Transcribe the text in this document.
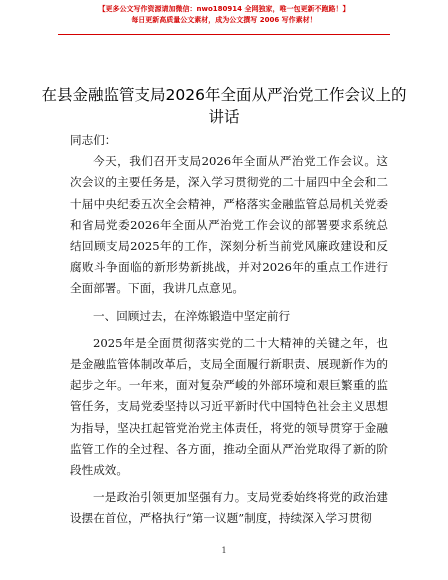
【更多公文写作资源请加微信：nwo180914 全网独家，唯一包更新不跑路！】
每日更新高质量公文素材，成为公文撰写 2006 写作素材！
在县金融监管支局2026年全面从严治党工作会议上的讲话

同志们：

今天，我们召开支局2026年全面从严治党工作会议。这次会议的主要任务是，深入学习贯彻党的二十届四中全会和二十届中央纪委五次全会精神，严格落实金融监管总局机关党委和省局党委2026年全面从严治党工作会议的部署要求系统总结回顾支局2025年的工作，深刻分析当前党风廉政建设和反腐败斗争面临的新形势新挑战，并对2026年的重点工作进行全面部署。下面，我讲几点意见。

一、回顾过去，在淬炼锻造中坚定前行

2025年是全面贯彻落实党的二十大精神的关键之年，也是金融监管体制改革后，支局全面履行新职责、展现新作为的起步之年。一年来，面对复杂严峻的外部环境和艰巨繁重的监管任务，支局党委坚持以习近平新时代中国特色社会主义思想为指导，坚决扛起管党治党主体责任，将党的领导贯穿于金融监管工作的全过程、各方面，推动全面从严治党取得了新的阶段性成效。

一是政治引领更加坚强有力。支局党委始终将党的政治建设摆在首位，严格执行“第一议题”制度，持续深入学习贯彻

1
